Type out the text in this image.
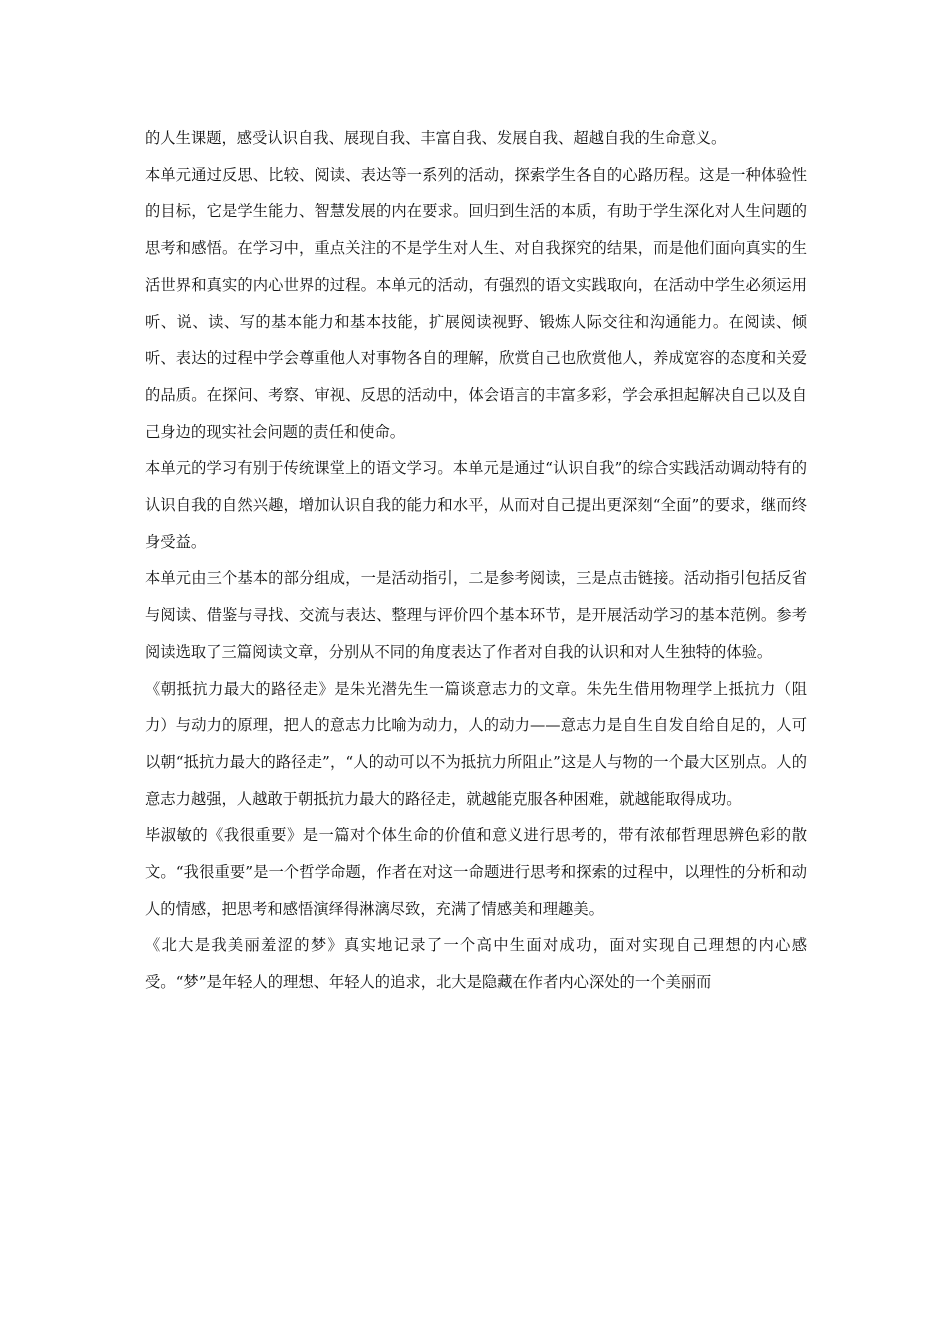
的人生课题，感受认识自我、展现自我、丰富自我、发展自我、超越自我的生命意义。

本单元通过反思、比较、阅读、表达等一系列的活动，探索学生各自的心路历程。这是一种体验性的目标，它是学生能力、智慧发展的内在要求。回归到生活的本质，有助于学生深化对人生问题的思考和感悟。在学习中，重点关注的不是学生对人生、对自我探究的结果，而是他们面向真实的生活世界和真实的内心世界的过程。本单元的活动，有强烈的语文实践取向，在活动中学生必须运用听、说、读、写的基本能力和基本技能，扩展阅读视野、锻炼人际交往和沟通能力。在阅读、倾听、表达的过程中学会尊重他人对事物各自的理解，欣赏自己也欣赏他人，养成宽容的态度和关爱的品质。在探问、考察、审视、反思的活动中，体会语言的丰富多彩，学会承担起解决自己以及自己身边的现实社会问题的责任和使命。

本单元的学习有别于传统课堂上的语文学习。本单元是通过“认识自我”的综合实践活动调动特有的认识自我的自然兴趣，增加认识自我的能力和水平，从而对自己提出更深刻“全面”的要求，继而终身受益。

本单元由三个基本的部分组成，一是活动指引，二是参考阅读，三是点击链接。活动指引包括反省与阅读、借鉴与寻找、交流与表达、整理与评价四个基本环节，是开展活动学习的基本范例。参考阅读选取了三篇阅读文章，分别从不同的角度表达了作者对自我的认识和对人生独特的体验。

《朝抵抗力最大的路径走》是朱光潜先生一篇谈意志力的文章。朱先生借用物理学上抵抗力（阻力）与动力的原理，把人的意志力比喻为动力，人的动力——意志力是自生自发自给自足的，人可以朝“抵抗力最大的路径走”，“人的动可以不为抵抗力所阻止”这是人与物的一个最大区别点。人的意志力越强，人越敢于朝抵抗力最大的路径走，就越能克服各种困难，就越能取得成功。

毕淑敏的《我很重要》是一篇对个体生命的价值和意义进行思考的，带有浓郁哲理思辨色彩的散文。“我很重要”是一个哲学命题，作者在对这一命题进行思考和探索的过程中，以理性的分析和动人的情感，把思考和感悟演绎得淋漓尽致，充满了情感美和理趣美。

《北大是我美丽羞涩的梦》真实地记录了一个高中生面对成功，面对实现自己理想的内心感受。“梦”是年轻人的理想、年轻人的追求，北大是隐藏在作者内心深处的一个美丽而
